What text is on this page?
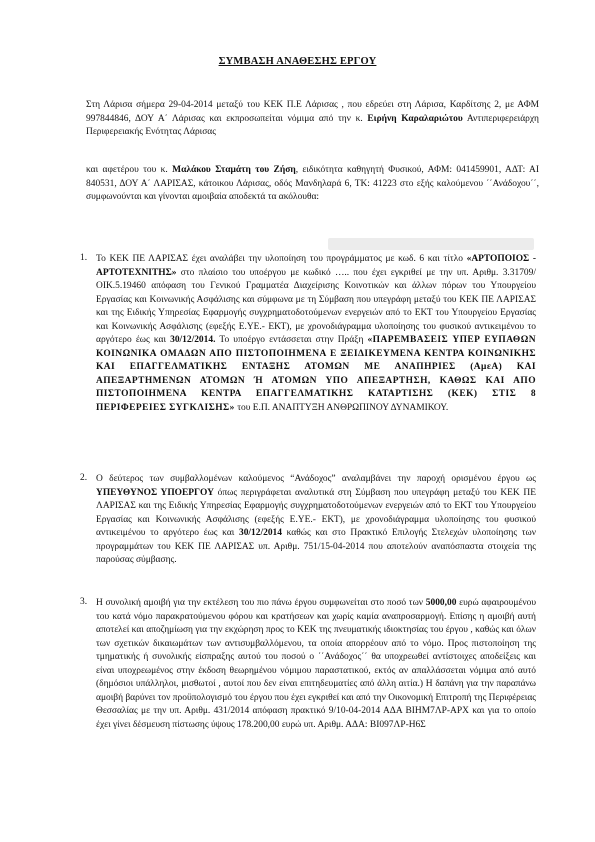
ΣΥΜΒΑΣΗ ΑΝΑΘΕΣΗΣ ΕΡΓΟΥ
Στη Λάρισα σήμερα 29-04-2014 μεταξύ του ΚΕΚ Π.Ε Λάρισας , που εδρεύει στη Λάρισα, Καρδίτσης 2, με ΑΦΜ 997844846, ΔΟΥ Α΄ Λάρισας και εκπροσωπείται νόμιμα από την κ. Ειρήνη Καραλαριώτου Αντιπεριφερειάρχη Περιφερειακής Ενότητας Λάρισας
και αφετέρου του κ. Μαλάκου Σταμάτη του Ζήση, ειδικότητα καθηγητή Φυσικού, ΑΦΜ: 041459901, ΑΔΤ: ΑΙ 840531, ΔΟΥ Α΄ ΛΑΡΙΣΑΣ, κάτοικου Λάρισας, οδός Μανδηλαρά 6, ΤΚ: 41223 στο εξής καλούμενου ΄΄Ανάδοχου΄΄, συμφωνούνται και γίνονται αμοιβαία αποδεκτά τα ακόλουθα:
1. Το ΚΕΚ ΠΕ ΛΑΡΙΣΑΣ έχει αναλάβει την υλοποίηση του προγράμματος με κωδ. 6 και τίτλο «ΑΡΤΟΠΟΙΟΣ - ΑΡΤΟΤΕΧΝΙΤΗΣ» στο πλαίσιο του υποέργου με κωδικό ….. που έχει εγκριθεί με την υπ. Αριθμ. 3.31709/ΟΙΚ.5.19460 απόφαση του Γενικού Γραμματέα Διαχείρισης Κοινοτικών και άλλων πόρων του Υπουργείου Εργασίας και Κοινωνικής Ασφάλισης και σύμφωνα με τη Σύμβαση που υπεγράφη μεταξύ του ΚΕΚ ΠΕ ΛΑΡΙΣΑΣ και της Ειδικής Υπηρεσίας Εφαρμογής συγχρηματοδοτούμενων ενεργειών από το ΕΚΤ του Υπουργείου Εργασίας και Κοινωνικής Ασφάλισης (εφεξής Ε.ΥΕ.- ΕΚΤ), με χρονοδιάγραμμα υλοποίησης του φυσικού αντικειμένου το αργότερο έως και 30/12/2014. Το υποέργο εντάσσεται στην Πράξη «ΠΑΡΕΜΒΑΣΕΙΣ ΥΠΕΡ ΕΥΠΑΘΩΝ ΚΟΙΝΩΝΙΚΑ ΟΜΑΔΩΝ ΑΠΟ ΠΙΣΤΟΠΟΙΗΜΕΝΑ Ε ΞΕΙΔΙΚΕΥΜΕΝΑ ΚΕΝΤΡΑ ΚΟΙΝΩΝΙΚΗΣ ΚΑΙ ΕΠΑΓΓΕΛΜΑΤΙΚΗΣ ΕΝΤΑΞΗΣ ΑΤΟΜΩΝ ΜΕ ΑΝΑΠΗΡΙΕΣ (ΑμεΑ) ΚΑΙ ΑΠΕΞΑΡΤΗΜΕΝΩΝ ΑΤΟΜΩΝ Ή ΑΤΟΜΩΝ ΥΠΟ ΑΠΕΞΑΡΤΗΣΗ, ΚΑΘΩΣ ΚΑΙ ΑΠΟ ΠΙΣΤΟΠΟΙΗΜΕΝΑ ΚΕΝΤΡΑ ΕΠΑΓΓΕΛΜΑΤΙΚΗΣ ΚΑΤΑΡΤΙΣΗΣ (ΚΕΚ) ΣΤΙΣ 8 ΠΕΡΙΦΕΡΕΙΕΣ ΣΥΓΚΛΙΣΗΣ» του Ε.Π. ΑΝΑΠΤΥΞΗ ΑΝΘΡΩΠΙΝΟΥ ΔΥΝΑΜΙΚΟΥ.
2. Ο δεύτερος των συμβαλλομένων καλούμενος “Ανάδοχος” αναλαμβάνει την παροχή ορισμένου έργου ως ΥΠΕΥΘΥΝΟΣ ΥΠΟΕΡΓΟΥ όπως περιγράφεται αναλυτικά στη Σύμβαση που υπεγράφη μεταξύ του ΚΕΚ ΠΕ ΛΑΡΙΣΑΣ και της Ειδικής Υπηρεσίας Εφαρμογής συγχρηματοδοτούμενων ενεργειών από το ΕΚΤ του Υπουργείου Εργασίας και Κοινωνικής Ασφάλισης (εφεξής Ε.ΥΕ.- ΕΚΤ), με χρονοδιάγραμμα υλοποίησης του φυσικού αντικειμένου το αργότερο έως και 30/12/2014 καθώς και στο Πρακτικό Επιλογής Στελεχών υλοποίησης των προγραμμάτων του ΚΕΚ ΠΕ ΛΑΡΙΣΑΣ υπ. Αριθμ. 751/15-04-2014 που αποτελούν αναπόσπαστα στοιχεία της παρούσας σύμβασης.
3. Η συνολική αμοιβή για την εκτέλεση του πιο πάνω έργου συμφωνείται στο ποσό των 5000,00 ευρώ αφαιρουμένου του κατά νόμο παρακρατούμενου φόρου και κρατήσεων και χωρίς καμία αναπροσαρμογή. Επίσης η αμοιβή αυτή αποτελεί και αποζημίωση για την εκχώρηση προς το ΚΕΚ της πνευματικής ιδιοκτησίας του έργου , καθώς και όλων των σχετικών δικαιωμάτων των αντισυμβαλλόμενου, τα οποία απορρέουν από το νόμο. Προς πιστοποίηση της τμηματικής ή συνολικής είσπραξης αυτού του ποσού ο ΄΄Ανάδοχος΄΄ θα υποχρεωθεί αντίστοιχες αποδείξεις και είναι υποχρεωμένος στην έκδοση θεωρημένου νόμιμου παραστατικού, εκτός αν απαλλάσσεται νόμιμα από αυτό (δημόσιοι υπάλληλοι, μισθωτοί , αυτοί που δεν είναι επιτηδευματίες από άλλη αιτία.) Η δαπάνη για την παραπάνω αμοιβή βαρύνει τον προϋπολογισμό του έργου που έχει εγκριθεί και από την Οικονομική Επιτροπή της Περιφέρειας Θεσσαλίας με την υπ. Αριθμ. 431/2014 απόφαση πρακτικό 9/10-04-2014 ΑΔΑ ΒΙΗΜ7ΛΡ-ΑΡΧ και για το οποίο έχει γίνει δέσμευση πίστωσης ύψους 178.200,00 ευρώ υπ. Αριθμ. ΑΔΑ: ΒΙ097ΛΡ-Η6Σ
